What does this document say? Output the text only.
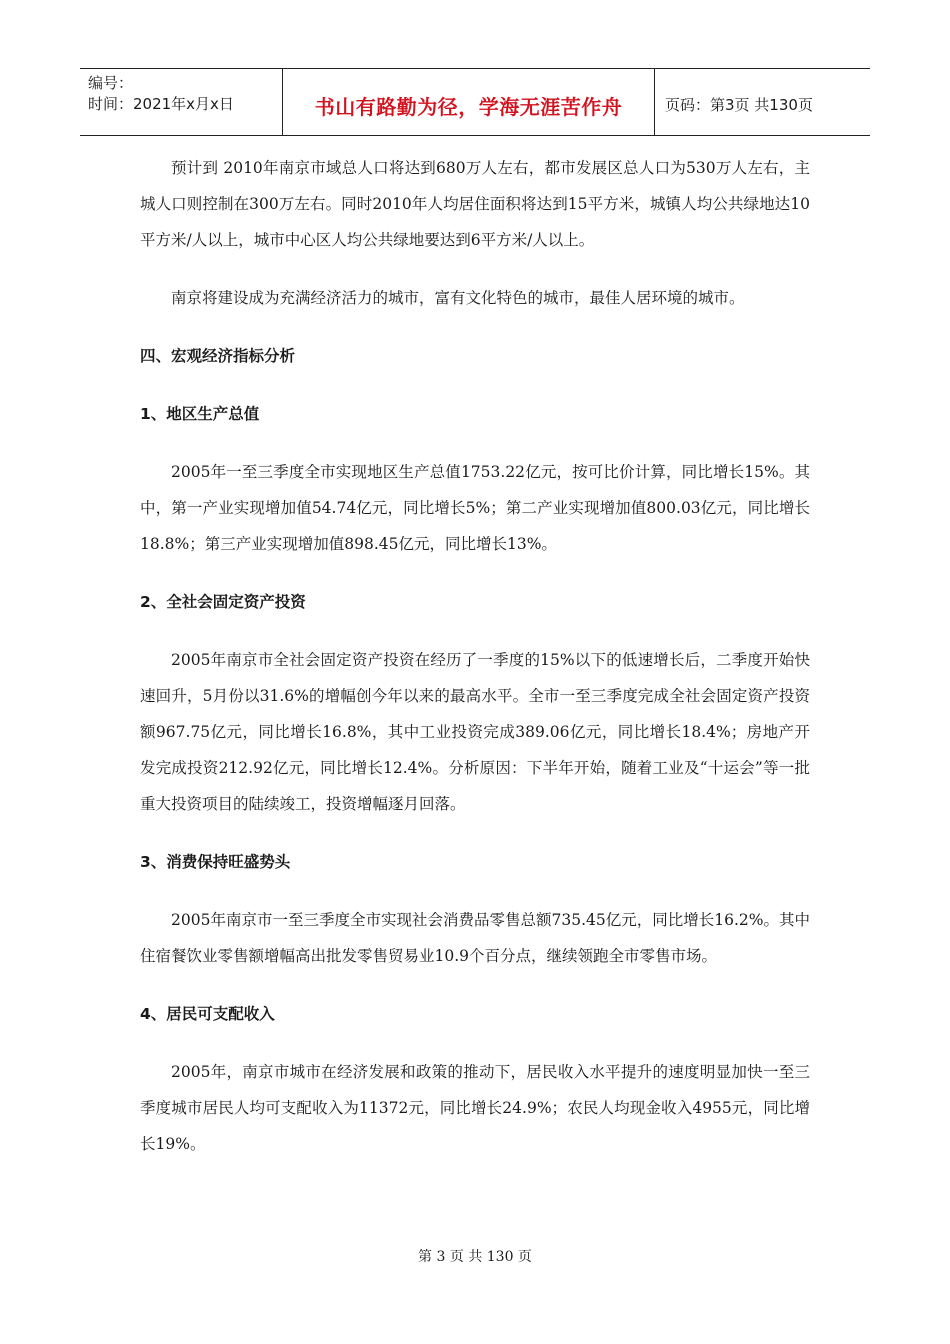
编号：
时间：2021年x月x日	书山有路勤为径，学海无涯苦作舟	页码：第3页 共130页

预计到 2010年南京市域总人口将达到680万人左右，都市发展区总人口为530万人左右，主城人口则控制在300万左右。同时2010年人均居住面积将达到15平方米，城镇人均公共绿地达10平方米/人以上，城市中心区人均公共绿地要达到6平方米/人以上。

南京将建设成为充满经济活力的城市，富有文化特色的城市，最佳人居环境的城市。

四、宏观经济指标分析
1、地区生产总值

2005年一至三季度全市实现地区生产总值1753.22亿元，按可比价计算，同比增长15%。其中，第一产业实现增加值54.74亿元，同比增长5%；第二产业实现增加值800.03亿元，同比增长18.8%；第三产业实现增加值898.45亿元，同比增长13%。

2、全社会固定资产投资

2005年南京市全社会固定资产投资在经历了一季度的15%以下的低速增长后，二季度开始快速回升，5月份以31.6%的增幅创今年以来的最高水平。全市一至三季度完成全社会固定资产投资额967.75亿元，同比增长16.8%，其中工业投资完成389.06亿元，同比增长18.4%；房地产开发完成投资212.92亿元，同比增长12.4%。分析原因：下半年开始，随着工业及“十运会”等一批重大投资项目的陆续竣工，投资增幅逐月回落。

3、消费保持旺盛势头

2005年南京市一至三季度全市实现社会消费品零售总额735.45亿元，同比增长16.2%。其中住宿餐饮业零售额增幅高出批发零售贸易业10.9个百分点，继续领跑全市零售市场。

4、居民可支配收入

2005年，南京市城市在经济发展和政策的推动下，居民收入水平提升的速度明显加快一至三季度城市居民人均可支配收入为11372元，同比增长24.9%；农民人均现金收入4955元，同比增长19%。

第 3 页 共 130 页
